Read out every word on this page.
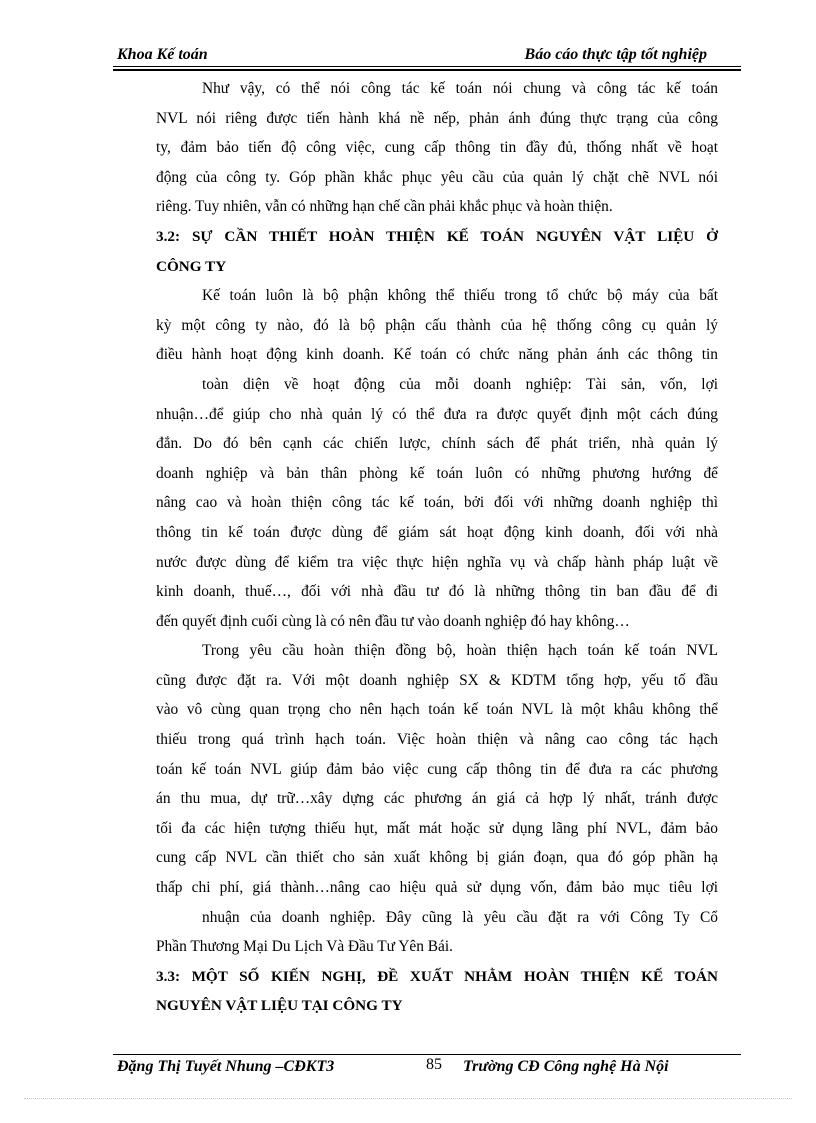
Khoa Kế toán	Báo cáo thực tập tốt nghiệp
Như vậy, có thể nói công tác kế toán nói chung và công tác kế toán
NVL nói riêng được tiến hành khá nề nếp, phản ánh đúng thực trạng của công
ty, đảm bảo tiến độ công việc, cung cấp thông tin đầy đủ, thống nhất về hoạt
động của công ty. Góp phần khắc phục yêu cầu của quản lý chặt chẽ NVL nói
riêng. Tuy nhiên, vẫn có những hạn chế cần phải khắc phục và hoàn thiện.
3.2: SỰ CẦN THIẾT HOÀN THIỆN KẾ TOÁN NGUYÊN VẬT LIỆU Ở
CÔNG TY
Kế toán luôn là bộ phận không thể thiếu trong tổ chức bộ máy của bất
kỳ một công ty nào, đó là bộ phận cấu thành của hệ thống công cụ quản lý
điều hành hoạt động kinh doanh. Kế toán có chức năng phản ánh các thông tin
toàn diện về hoạt động của mỗi doanh nghiệp: Tài sản, vốn, lợi
nhuận…để giúp cho nhà quản lý có thể đưa ra được quyết định một cách đúng
đắn. Do đó bên cạnh các chiến lược, chính sách để phát triển, nhà quản lý
doanh nghiệp và bản thân phòng kế toán luôn có những phương hướng để
nâng cao và hoàn thiện công tác kế toán, bởi đối với những doanh nghiệp thì
thông tin kế toán được dùng để giám sát hoạt động kinh doanh, đối với nhà
nước được dùng để kiểm tra việc thực hiện nghĩa vụ và chấp hành pháp luật về
kinh doanh, thuế…, đối với nhà đầu tư đó là những thông tin ban đầu để đi
đến quyết định cuối cùng là có nên đầu tư vào doanh nghiệp đó hay không…
Trong yêu cầu hoàn thiện đồng bộ, hoàn thiện hạch toán kế toán NVL
cũng được đặt ra. Với một doanh nghiệp SX & KDTM tổng hợp, yếu tố đầu
vào vô cùng quan trọng cho nên hạch toán kế toán NVL là một khâu không thể
thiếu trong quá trình hạch toán. Việc hoàn thiện và nâng cao công tác hạch
toán kế toán NVL giúp đảm bảo việc cung cấp thông tin để đưa ra các phương
án thu mua, dự trữ…xây dựng các phương án giá cả hợp lý nhất, tránh được
tối đa các hiện tượng thiếu hụt, mất mát hoặc sử dụng lãng phí NVL, đảm bảo
cung cấp NVL cần thiết cho sản xuất không bị gián đoạn, qua đó góp phần hạ
thấp chi phí, giá thành…nâng cao hiệu quả sử dụng vốn, đảm bảo mục tiêu lợi
nhuận của doanh nghiệp. Đây cũng là yêu cầu đặt ra với Công Ty Cổ
Phần Thương Mại Du Lịch Và Đầu Tư Yên Bái.
3.3: MỘT SỐ KIẾN NGHỊ, ĐỀ XUẤT NHẰM HOÀN THIỆN KẾ TOÁN
NGUYÊN VẬT LIỆU TẠI CÔNG TY
Đặng Thị Tuyết Nhung –CĐKT3	85 Trường CĐ Công nghệ Hà Nội
